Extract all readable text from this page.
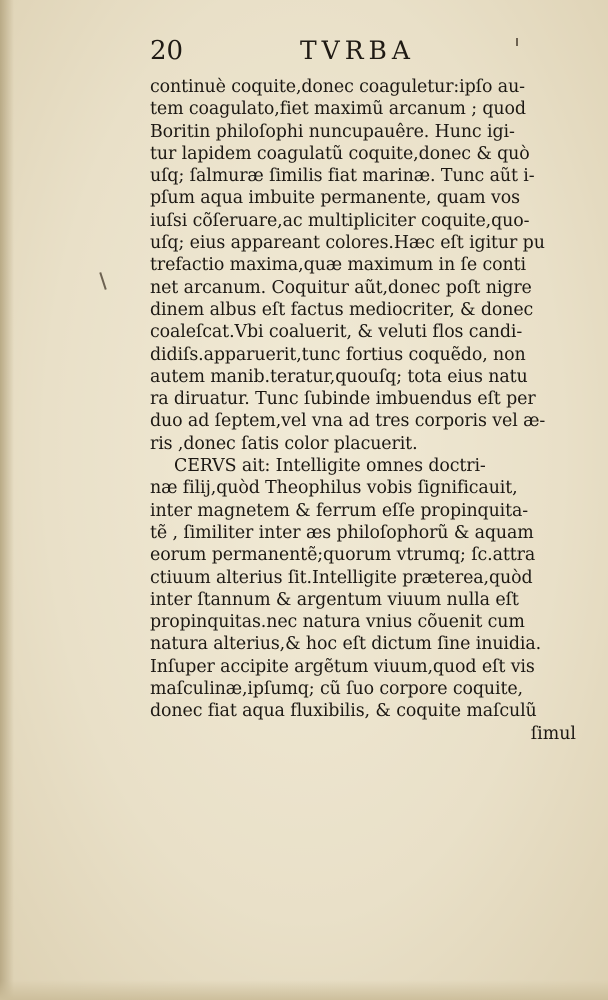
20	TVRBA
continuè coquite,donec coaguletur:ipſo au-
tem coagulato,fiet maximũ arcanum ; quod
Boritin philoſophi nuncupauêre. Hunc igi-
tur lapidem coagulatũ coquite,donec & quò
uſq; ſalmuræ ſimilis fiat marinæ. Tunc aũt i-
pſum aqua imbuite permanente, quam vos
iuſsi cõſeruare,ac multipliciter coquite,quo-
uſq; eius appareant colores.Hæc eſt igitur pu
trefactio maxima,quæ maximum in ſe conti
net arcanum. Coquitur aũt,donec poſt nigre
dinem albus eſt factus mediocriter, & donec
coaleſcat.Vbi coaluerit, & veluti flos candi-
didiſs.apparuerit,tunc fortius coquẽdo, non
autem manib.teratur,quouſq; tota eius natu
ra diruatur. Tunc ſubinde imbuendus eſt per
duo ad ſeptem,vel vna ad tres corporis vel æ-
ris ,donec ſatis color placuerit.
CERVS ait: Intelligite omnes doctri-
næ filij,quòd Theophilus vobis ſignificauit,
inter magnetem & ferrum eſſe propinquita-
tẽ , ſimiliter inter æs philoſophorũ & aquam
eorum permanentẽ;quorum vtrumq; ſc.attra
ctiuum alterius ſit.Intelligite præterea,quòd
inter ſtannum & argentum viuum nulla eſt
propinquitas.nec natura vnius cõuenit cum
natura alterius,& hoc eſt dictum ſine inuidia.
Inſuper accipite argẽtum viuum,quod eſt vis
maſculinæ,ipſumq; cũ ſuo corpore coquite,
donec fiat aqua fluxibilis, & coquite maſculũ
ſimul
